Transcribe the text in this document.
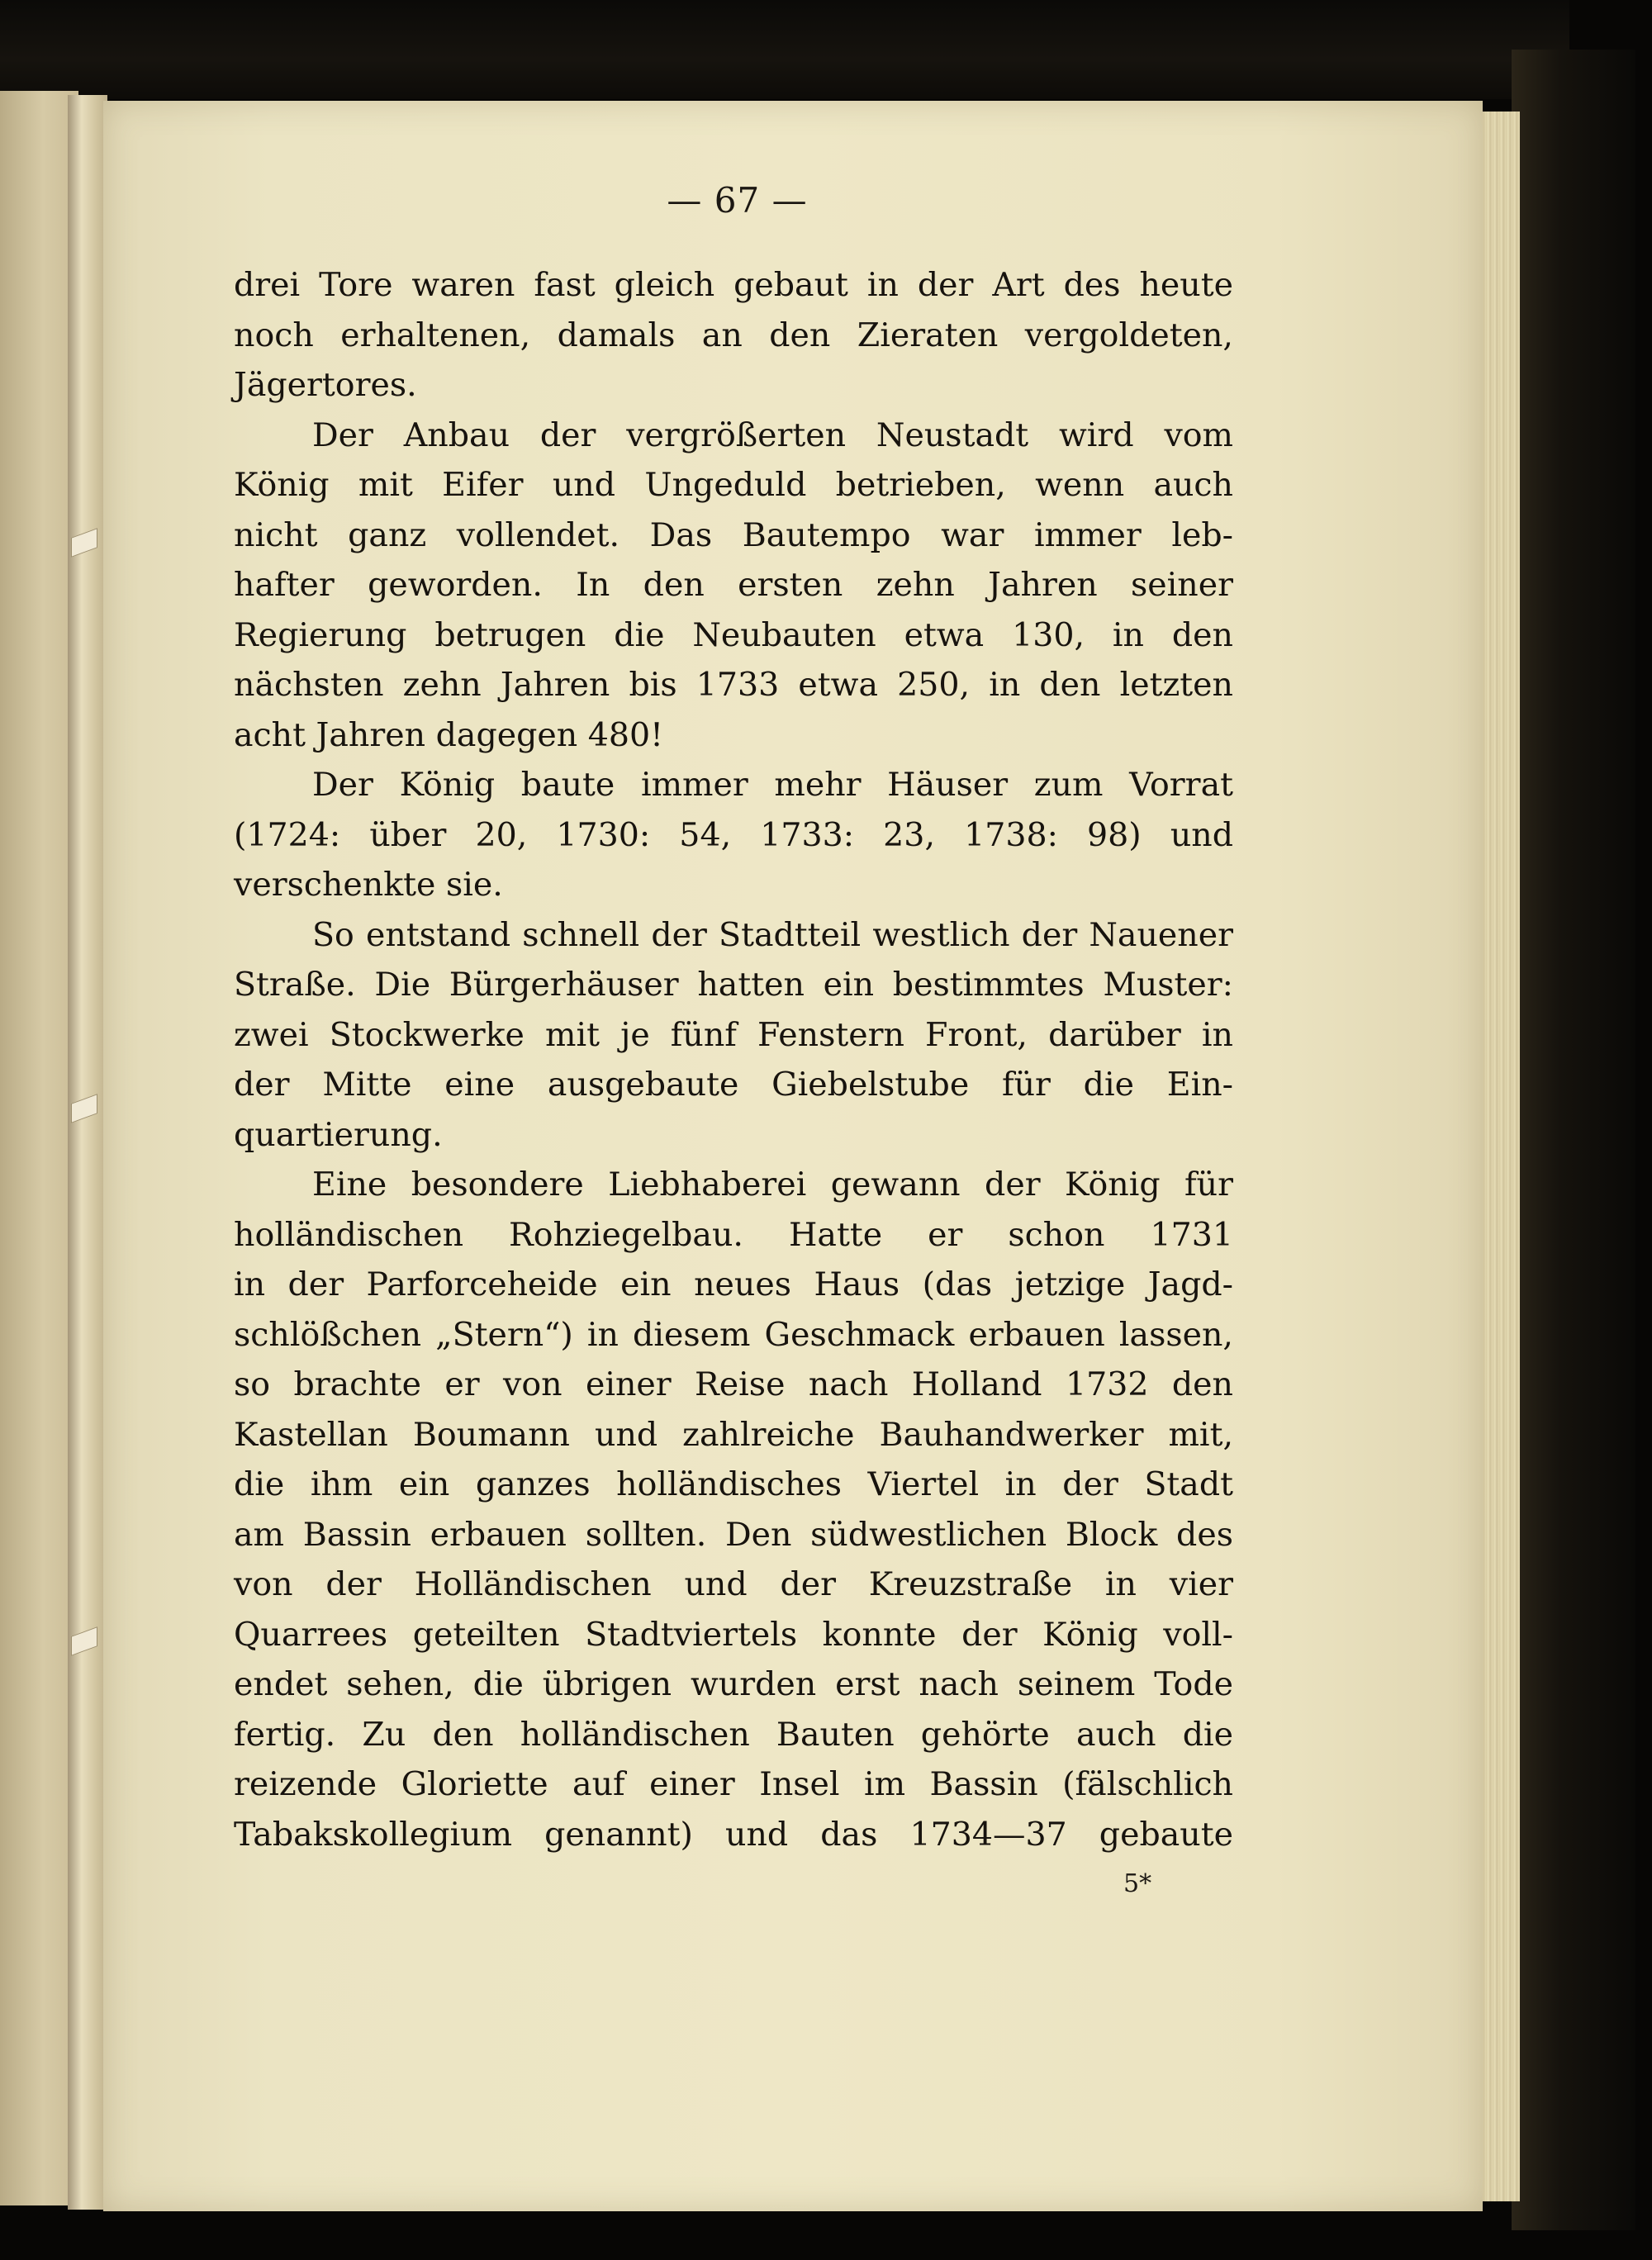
— 67 —
drei Tore waren fast gleich gebaut in der Art des heute
noch erhaltenen, damals an den Zieraten vergoldeten,
Jägertores.
Der Anbau der vergrößerten Neustadt wird vom
König mit Eifer und Ungeduld betrieben, wenn auch
nicht ganz vollendet. Das Bautempo war immer leb-
hafter geworden. In den ersten zehn Jahren seiner
Regierung betrugen die Neubauten etwa 130, in den
nächsten zehn Jahren bis 1733 etwa 250, in den letzten
acht Jahren dagegen 480!
Der König baute immer mehr Häuser zum Vorrat
(1724: über 20, 1730: 54, 1733: 23, 1738: 98) und
verschenkte sie.
So entstand schnell der Stadtteil westlich der Nauener
Straße. Die Bürgerhäuser hatten ein bestimmtes Muster:
zwei Stockwerke mit je fünf Fenstern Front, darüber in
der Mitte eine ausgebaute Giebelstube für die Ein-
quartierung.
Eine besondere Liebhaberei gewann der König für
holländischen Rohziegelbau. Hatte er schon 1731
in der Parforceheide ein neues Haus (das jetzige Jagd-
schlößchen „Stern“) in diesem Geschmack erbauen lassen,
so brachte er von einer Reise nach Holland 1732 den
Kastellan Boumann und zahlreiche Bauhandwerker mit,
die ihm ein ganzes holländisches Viertel in der Stadt
am Bassin erbauen sollten. Den südwestlichen Block des
von der Holländischen und der Kreuzstraße in vier
Quarrees geteilten Stadtviertels konnte der König voll-
endet sehen, die übrigen wurden erst nach seinem Tode
fertig. Zu den holländischen Bauten gehörte auch die
reizende Gloriette auf einer Insel im Bassin (fälschlich
Tabakskollegium genannt) und das 1734—37 gebaute
5*
